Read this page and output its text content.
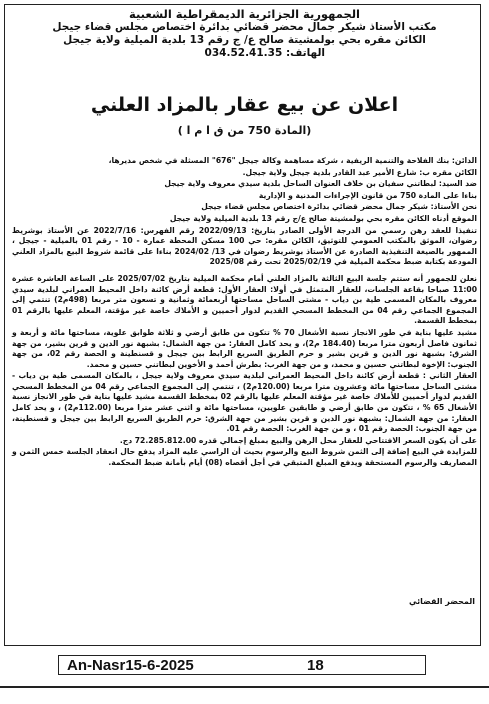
الجمهورية الجزائرية الديمقراطية الشعبية
مكتب الأستاذ شيكر جمال محضر قضائي بدائرة اختصاص مجلس قضاء جيجل
الكائن مقره بحي بولمشيتة صالح ع/ ج رقم 13 بلدية الميلية ولاية جيجل
الهاتف: 034.52.41.35
اعلان عن بيع عقار بالمزاد العلني
(المادة 750 من ق ا م ا )

الدائن: بنك الفلاحة والتنمية الريفية ، شركة مساهمة وكالة جيجل "676" المسثلة في شخص مديرها،

الكائن مقره ب: شارع الأمير عبد القادر بلدية جيجل ولاية جيجل.

ضد السيد: لبطاتني سفيان بن خلاف العنوان الساحل بلدية سيدي معروف ولاية جيجل

بناءا على المادة 750 من قانون الإجراءات المدنية و الإدارية

نحن الأستاذ: شيكر جمال محضر قضائي بدائرة اختصاص مجلس قضاء جيجل

الموقع أدناه الكائن مقره بحي بولمشيتة صالح ع/ج رقم 13 بلدية الميلية ولاية جيجل

تنفيذا للعقد رهن رسمي من الدرجة الأولى الصادر بتاريخ: 2022/09/13 رقم الفهرس: 2022/7/16 عن الأستاذ بوشريط رضوان، الموثق بالمكتب العمومي للتوثيق، الكائن مقره: حي 100 مسكن المحطة عمارة - 10 - رقم 01 بالميلية - جيجل ، الممهور بالصيغة التنفيذية الصادرة عن الأستاذ بوشريط رضوان في 13/ 2024/02 بناءا على قائمة شروط البيع بالمزاد العلني المودعة بكتابة ضبط محكمة الميلية في 2025/02/19 تحت رقم 2025/08

نعلن للجمهور أنه ستتم جلسة البيع الثالثة بالمزاد العلني أمام محكمة الميلية بتاريخ 2025/07/02 على الساعة العاشرة عشرة 11:00 صباحا بقاعة الجلسات، للعقار المتمثل في أولا: العقار الأول: قطعة أرض كائنة داخل المحيط العمراني لبلدية سيدي معروف بالمكان المسمى طية بن دياب - مشتى الساحل مساحتها أربعمائة وثمانية و تسعون متر مربعا (498م2) تنتمي إلى المجموع الجماعي رقم 04 من المخطط المسحي القديم لدوار أحميين و الأملاك خاصة غير مؤقتة، المعلم عليها بالرقم 01 بمخطط القسمة.

مشيد عليها بناية في طور الانجاز نسبة الأشغال 70 % تتكون من طابق أرضي و ثلاثة طوابق علوية، مساحتها مائة و أربعة و ثمانون فاصل أربعون مترا مربعا (184.40 م2)، و يحد كامل العقار: من جهة الشمال: بشبهة نور الدين و قرين بشير، من جهة الشرق: بشبهة نور الدين و قرين بشير و حرم الطريق السريع الرابط بين جيجل و قسنطينة و الحصة رقم 02، من جهة الجنوب: الإخوة لبطاتني حسين و محمد، و من جهة الغرب: بطرش أحمد و الأخوين لبطاتني حسين و محمد.

العقار الثاني : قطعة أرض كائنة داخل المحيط العمراني لبلدية سيدي معروف ولاية جيجل ، بالمكان المسمى طية بن دياب - مشتى الساحل مساحتها مائة وعشرون مترا مربعا (120.00م2) ، تنتمي إلى المجموع الجماعي رقم 04 من المخطط المسحي القديم لدوار أحميين للأملاك خاصة غير مؤقتة المعلم عليها بالرقم 02 بمخطط القسمة مشيد عليها بناية في طور الانجاز نسبة الأشغال 65 % ، تتكون من طابق أرضي و طابقين علويين، مساحتها مائة و اثني عشر مترا مربعا (112.00م2) ، و يحد كامل العقار: من جهة الشمال: بشبهة نور الدين و قرين بشير من جهة الشرق: حرم الطريق السريع الرابط بين جيجل و قسنطينة، من جهة الجنوب: الحصة رقم 01 ، و من جهة الغرب: الحصة رقم 01.

على أن يكون السعر الافتتاحي للعقار محل الرهن والبيع بمبلغ إجمالي قدره 72.285.812.00 دج.

للمزايدة في البيع إضافة إلى الثمن شروط البيع والرسوم بحيث أن الراسي عليه المزاد يدفع حال انعقاد الجلسة خمس الثمن و المصاريف والرسوم المستحقة ويدفع المبلغ المتبقي في أجل أقصاه (08) أيام بأمانة ضبط المحكمة.

المحضر القضائي
An-Nasr15-6-2025	18
